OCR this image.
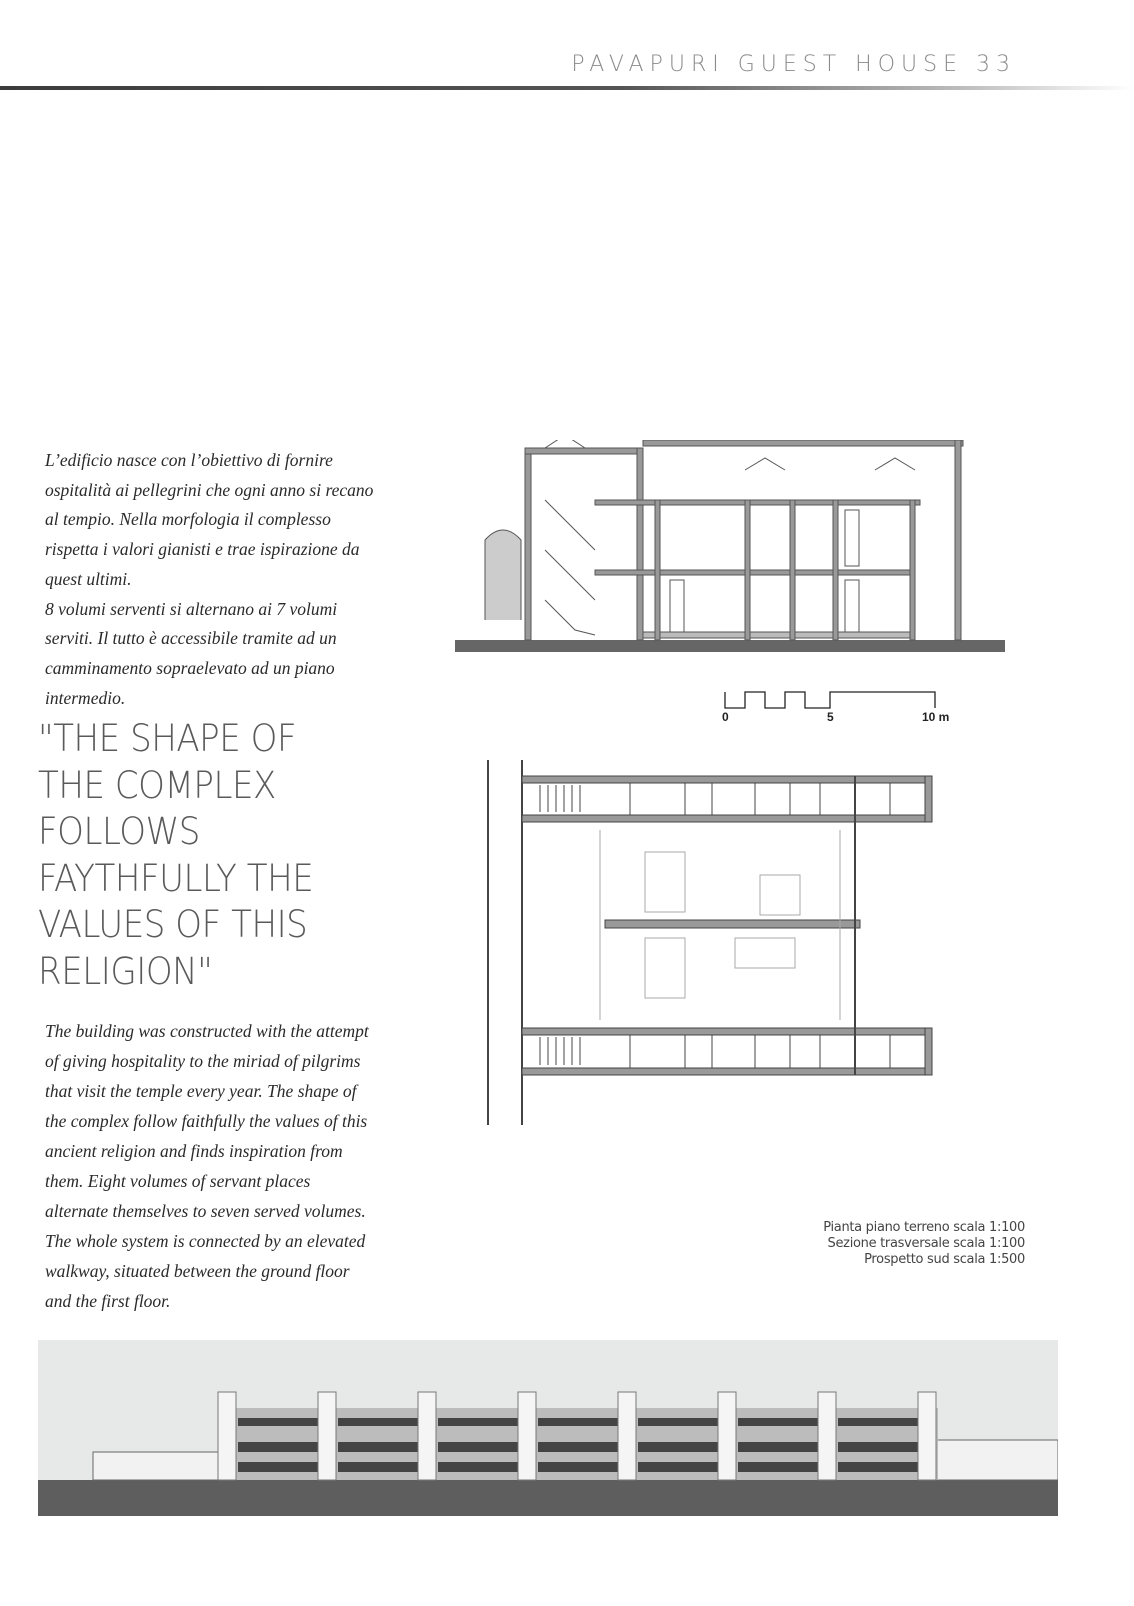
PAVAPURI GUEST HOUSE 33

L’edificio nasce con l’obiettivo di fornire ospitalità ai pellegrini che ogni anno si recano al tempio. Nella morfologia il complesso rispetta i valori gianisti e trae ispirazione da quest ultimi.

8 volumi serventi si alternano ai 7 volumi serviti. Il tutto è accessibile tramite ad un camminamento sopraelevato ad un piano intermedio.

"THE SHAPE OF
THE COMPLEX
FOLLOWS
FAYTHFULLY THE
VALUES OF THIS
RELIGION"

The building was constructed with the attempt of giving hospitality to the miriad of pilgrims that visit the temple every year. The shape of the complex follow faithfully the values of this ancient religion and finds inspiration from them. Eight volumes of servant places alternate themselves to seven served volumes. The whole system is connected by an elevated walkway, situated between the ground floor and the first floor.

0	5	10 m
Pianta piano terreno scala 1:100
Sezione trasversale scala 1:100
Prospetto sud scala 1:500
